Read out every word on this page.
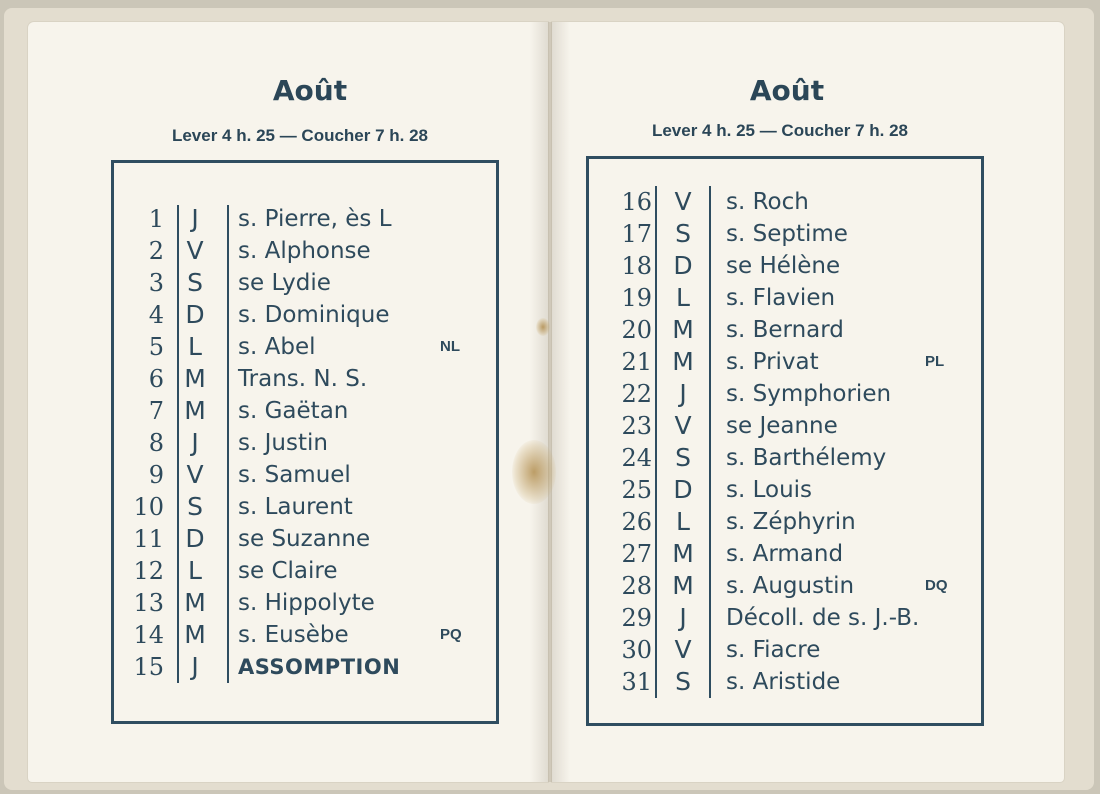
Août
Lever 4 h. 25 — Coucher 7 h. 28
Août
Lever 4 h. 25 — Coucher 7 h. 28
1	J	s. Pierre, ès L
2 V	s. Alphonse
3 S	se Lydie
4 D	s. Dominique
5 L	s. Abel	NL
6 M Trans. N. S.
7 M s. Gaëtan
8	J	s. Justin
9 V	s. Samuel
10 S	s. Laurent
11 D	se Suzanne
12 L	se Claire
13 M s. Hippolyte
14 M s. Eusèbe	PQ
15	J	ASSOMPTION
16 V	s. Roch
17 S	s. Septime
18 D	se Hélène
19 L	s. Flavien
20 M s. Bernard
21 M s. Privat	PL
22	J	s. Symphorien
23 V	se Jeanne
24 S	s. Barthélemy
25 D	s. Louis
26 L	s. Zéphyrin
27 M s. Armand
28 M s. Augustin	DQ
29	J	Décoll. de s. J.-B.
30 V	s. Fiacre
31 S	s. Aristide
